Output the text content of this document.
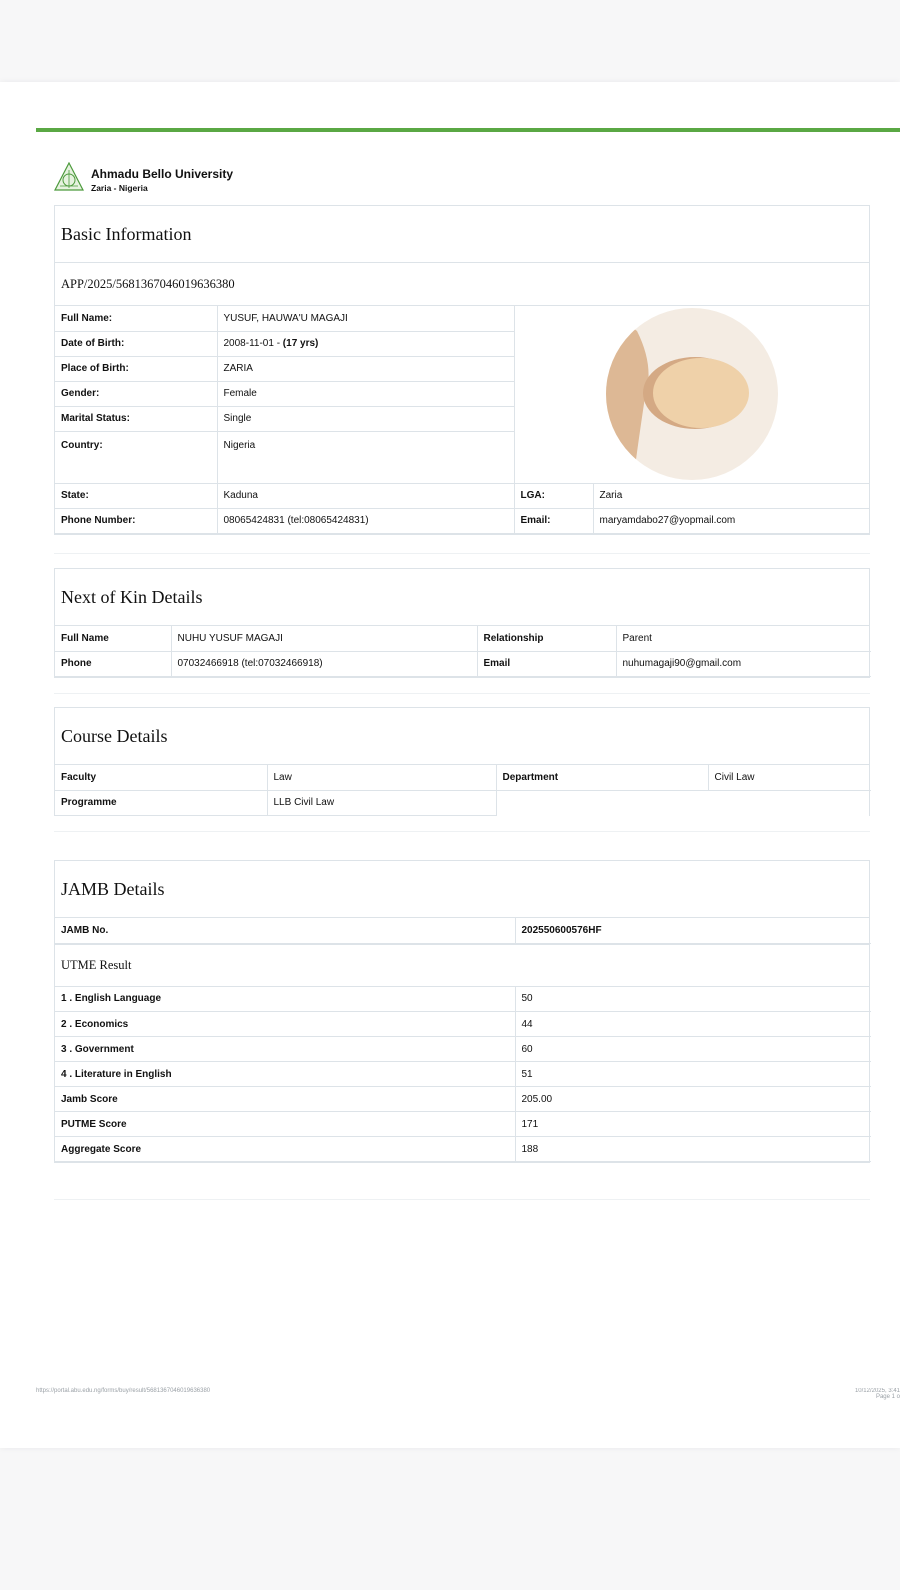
Ahmadu Bello University
Zaria - Nigeria
Basic Information
APP/2025/5681367046019636380
Full Name:	YUSUF, HAUWA'U MAGAJI	

Date of Birth:	2008-11-01 - (17 yrs)		
Place of Birth:	ZARIA		
Gender:	Female		
Marital Status:	Single		
Country:	Nigeria		
State:	Kaduna	LGA:	Zaria
Phone Number:	08065424831 (tel:08065424831)	Email:	maryamdabo27@yopmail.com
Next of Kin Details
Full Name	NUHU YUSUF MAGAJI	Relationship	Parent
Phone	07032466918 (tel:07032466918)	Email	nuhumagaji90@gmail.com
Course Details
Faculty	Law	Department	Civil Law
Programme	LLB Civil Law		
JAMB Details
JAMB No.	202550600576HF
UTME Result
1 . English Language	50
2 . Economics	44
3 . Government	60
4 . Literature in English	51
Jamb Score	205.00
PUTME Score	171
Aggregate Score	188
https://portal.abu.edu.ng/forms/buy/result/5681367046019636380	10/12/2025, 3:41
Page 1 o
